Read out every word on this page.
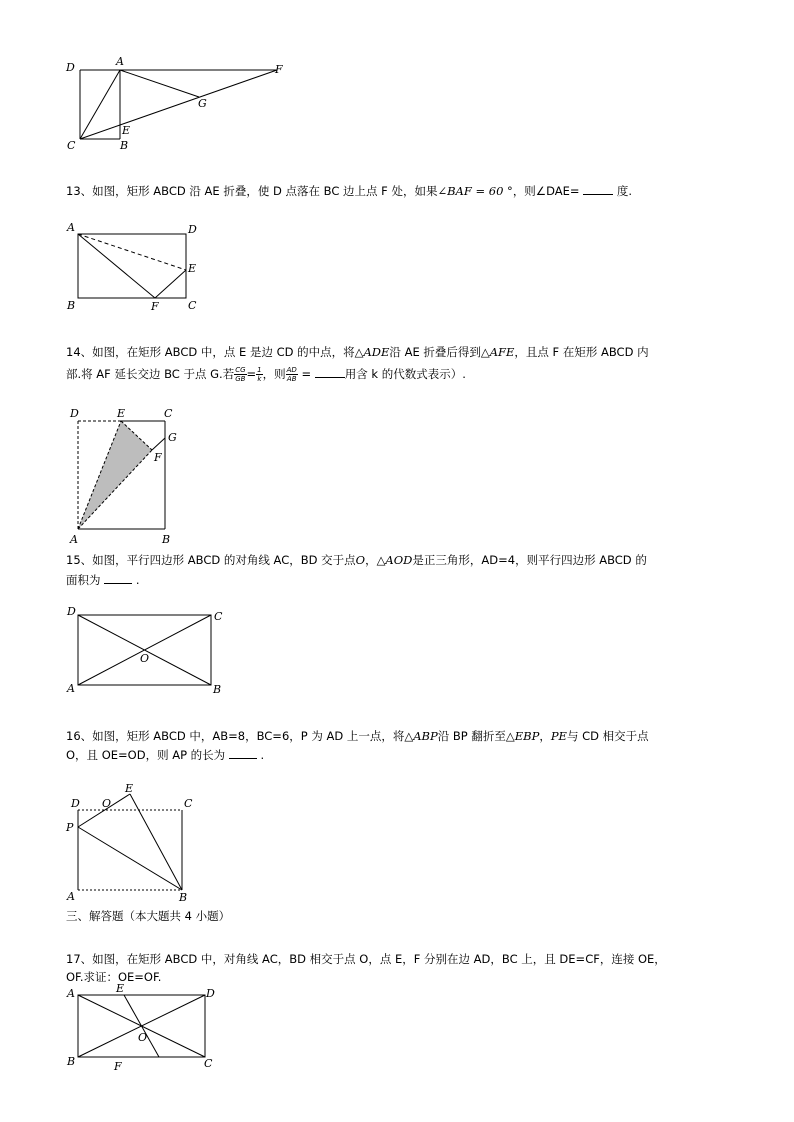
D	A
F
G
E
C	B
13、如图，矩形 ABCD 沿 AE 折叠，使 D 点落在 BC 边上点 F 处，如果∠BAF = 60 °，则∠DAE=	度.
A	D
E
B	F	C
14、如图，在矩形 ABCD 中，点 E 是边 CD 的中点，将△ADE沿 AE 折叠后得到△AFE，且点 F 在矩形 ABCD 内
部.将 AF 延长交边 BC 于点 G.若 $\frac{CG}{GB} = \frac{1}{k}$ ，则 $\frac{AD}{AB}$ =	用含 k 的代数式表示）.
D	E	C
G
F
A	B
15、如图，平行四边形 ABCD 的对角线 AC，BD 交于点O，△AOD是正三角形，AD=4，则平行四边形 ABCD 的
面积为	.
D	C
O
A	B
16、如图，矩形 ABCD 中，AB=8，BC=6，P 为 AD 上一点，将△ABP沿 BP 翻折至△EBP，PE与 CD 相交于点
O，且 OE=OD，则 AP 的长为	.
D O
E
C
P
A	B
三、解答题（本大题共 4 小题）
17、如图，在矩形 ABCD 中，对角线 AC，BD 相交于点 O，点 E，F 分别在边 AD，BC 上，且 DE=CF，连接 OE，
OF.求证：OE=OF.
A	E	D
O
B	F	C
